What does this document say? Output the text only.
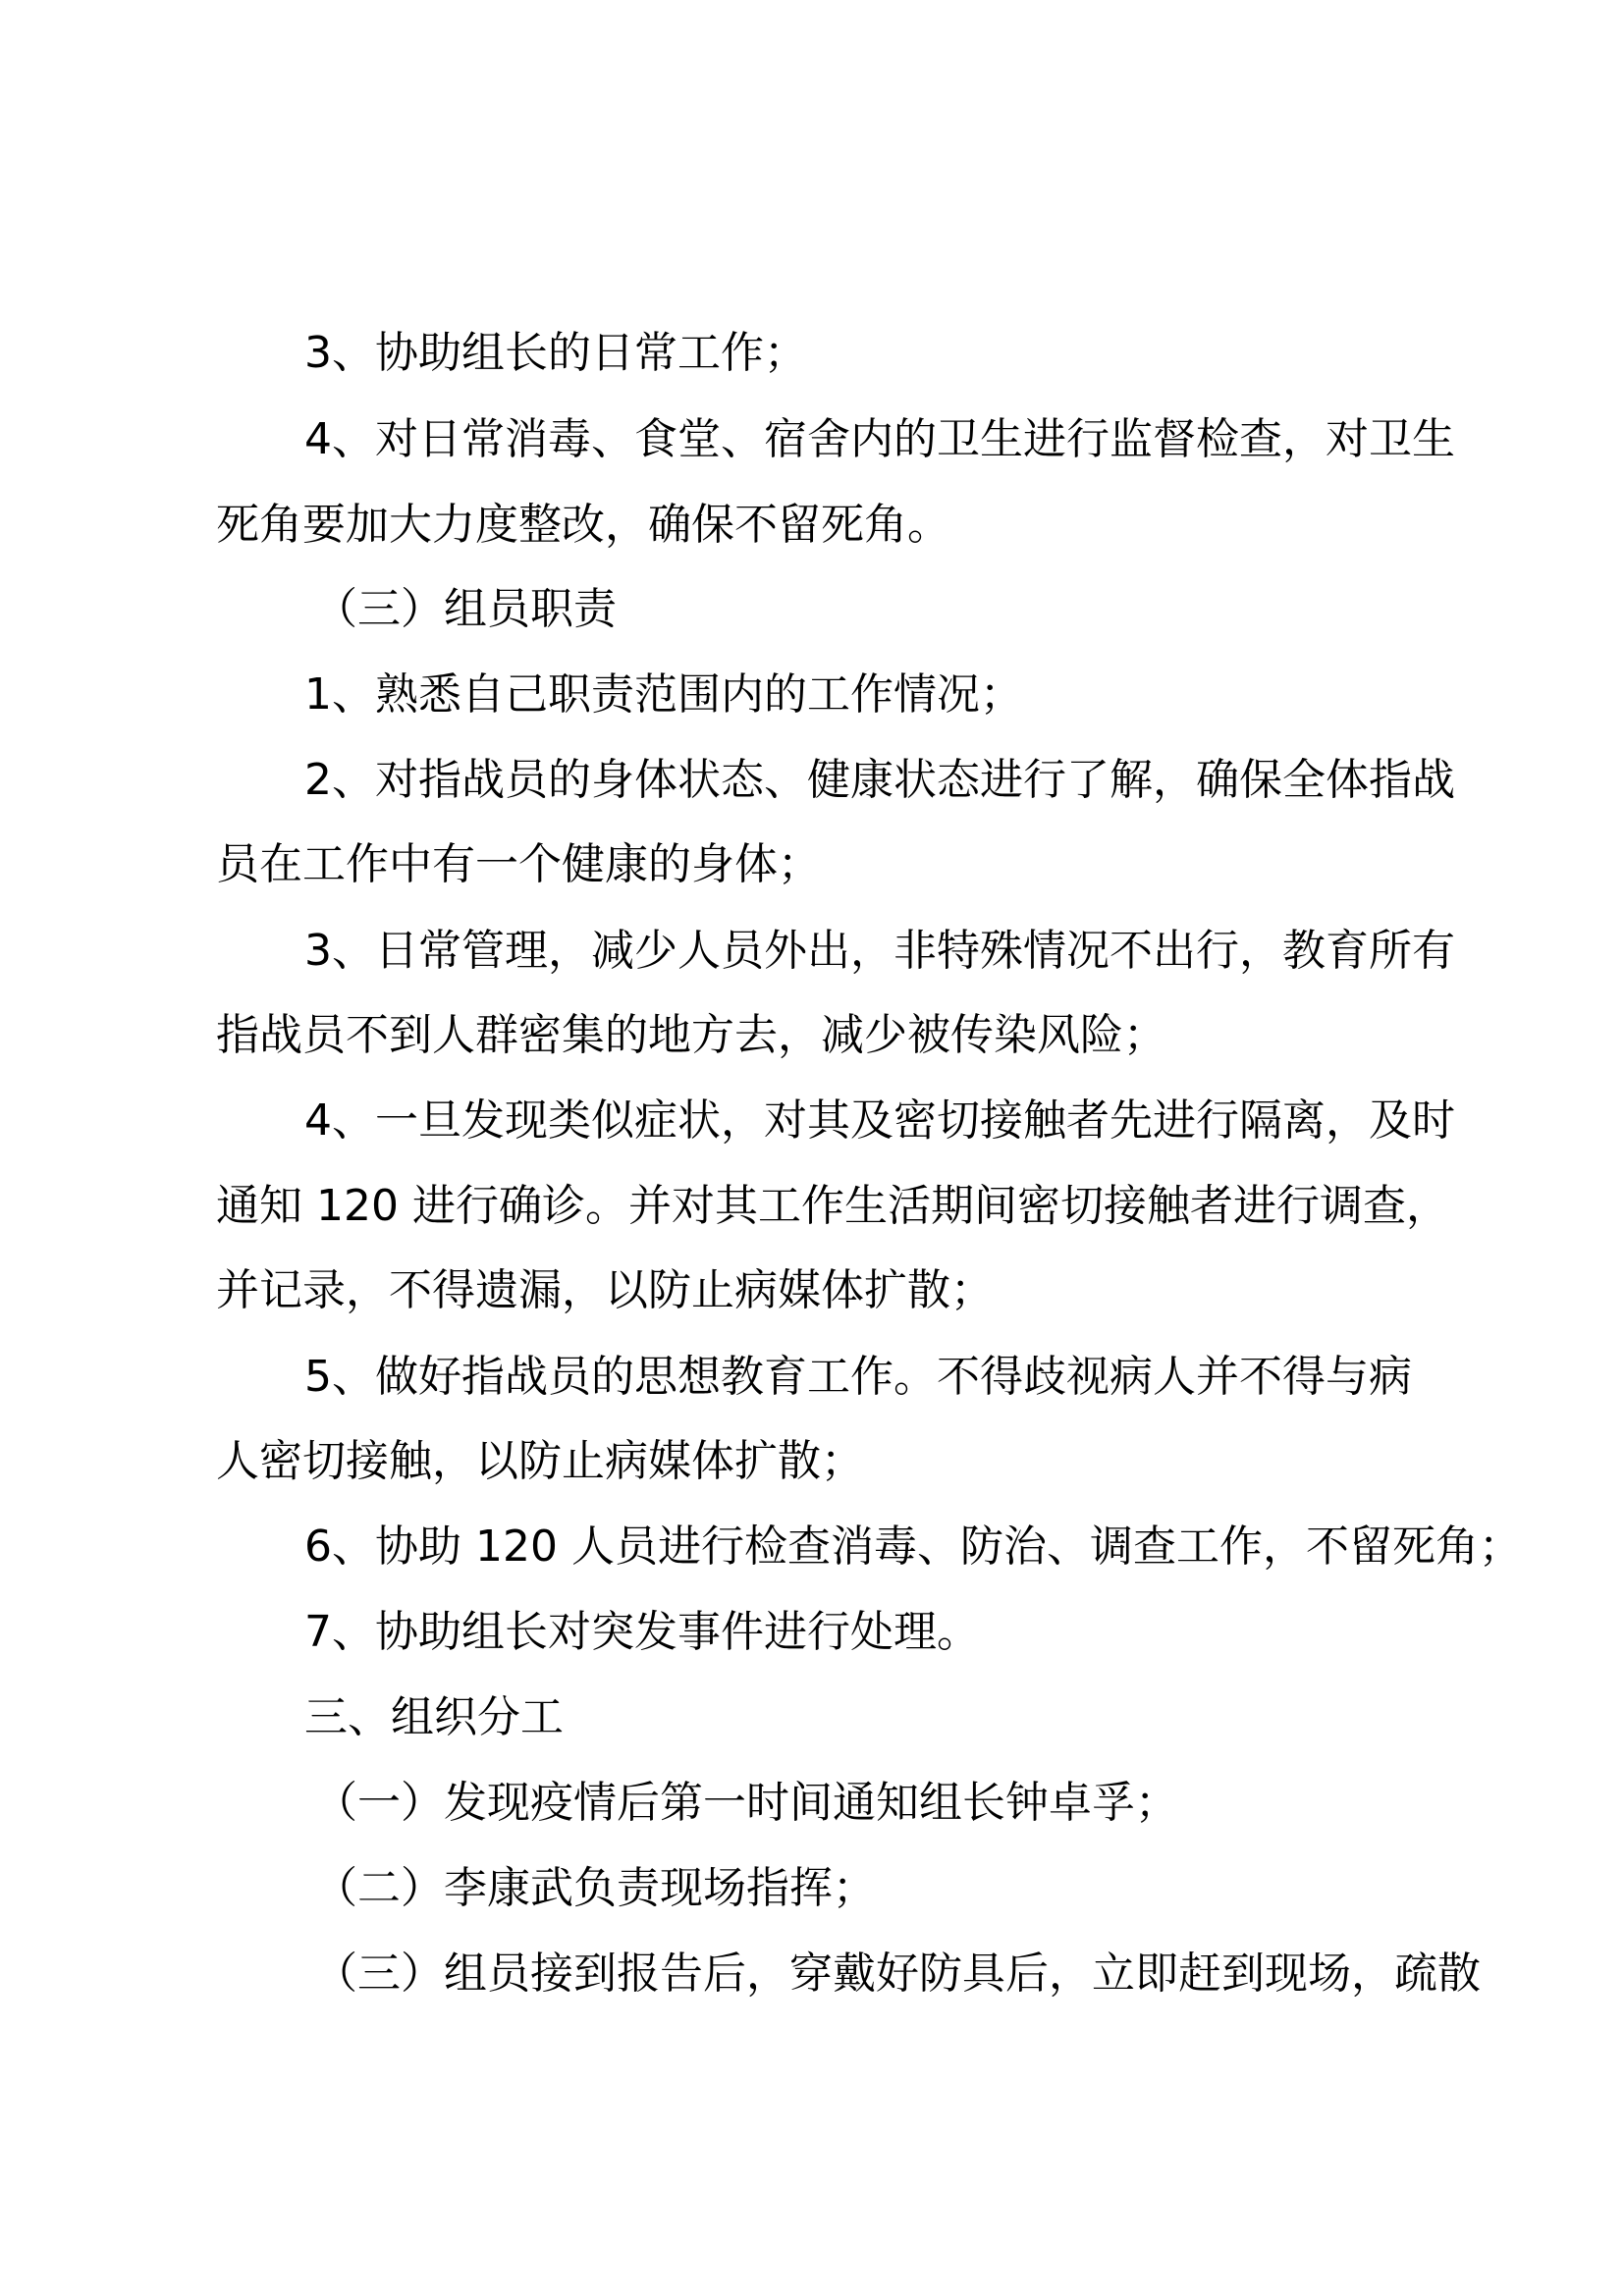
3、协助组长的日常工作；
4、对日常消毒、食堂、宿舍内的卫生进行监督检查，对卫生
死角要加大力度整改，确保不留死角。
（三）组员职责
1、熟悉自己职责范围内的工作情况；
2、对指战员的身体状态、健康状态进行了解，确保全体指战
员在工作中有一个健康的身体；
3、日常管理，减少人员外出，非特殊情况不出行，教育所有
指战员不到人群密集的地方去，减少被传染风险；
4、一旦发现类似症状，对其及密切接触者先进行隔离，及时
通知 120 进行确诊。并对其工作生活期间密切接触者进行调查，
并记录，不得遗漏，以防止病媒体扩散；
5、做好指战员的思想教育工作。不得歧视病人并不得与病
人密切接触，以防止病媒体扩散；
6、协助 120 人员进行检查消毒、防治、调查工作，不留死角；
7、协助组长对突发事件进行处理。
三、组织分工
（一）发现疫情后第一时间通知组长钟卓孚；
（二）李康武负责现场指挥；
（三）组员接到报告后，穿戴好防具后，立即赶到现场，疏散
